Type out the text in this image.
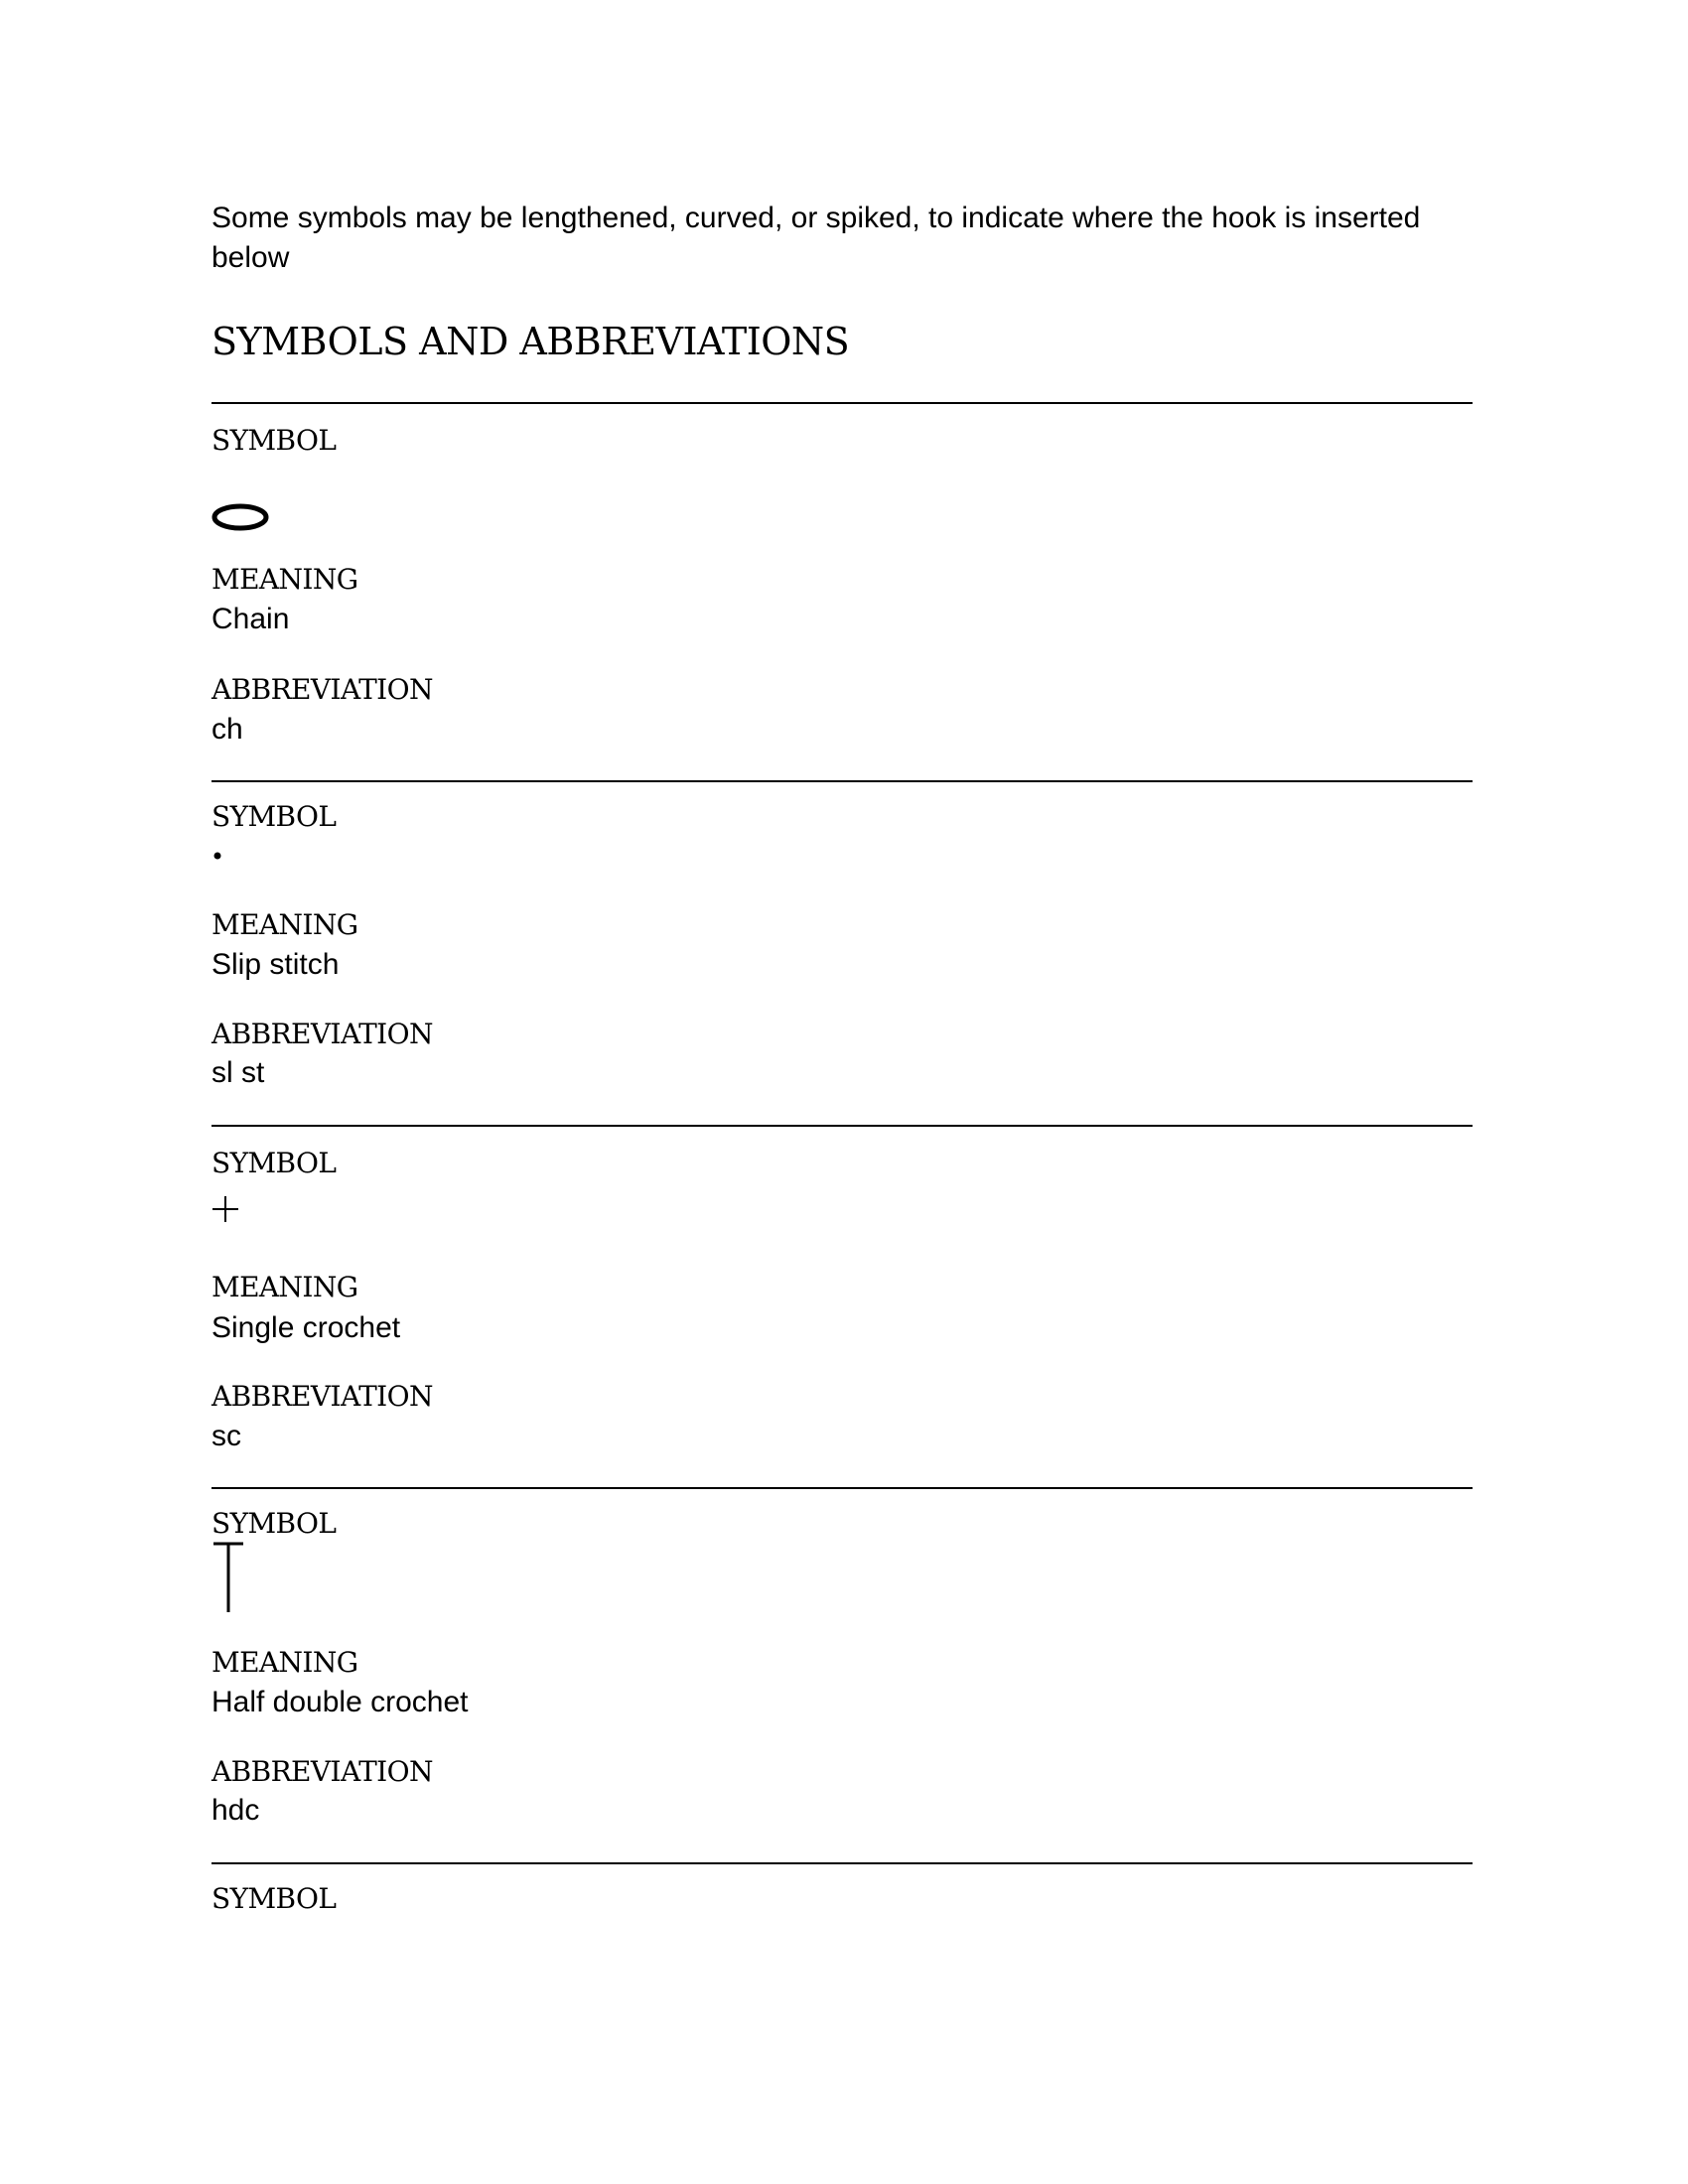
Some symbols may be lengthened, curved, or spiked, to indicate where the hook is inserted below
SYMBOLS AND ABBREVIATIONS
SYMBOL
MEANING
Chain
ABBREVIATION
ch
SYMBOL
MEANING
Slip stitch
ABBREVIATION
sl st
SYMBOL
MEANING
Single crochet
ABBREVIATION
sc
SYMBOL
MEANING
Half double crochet
ABBREVIATION
hdc
SYMBOL
